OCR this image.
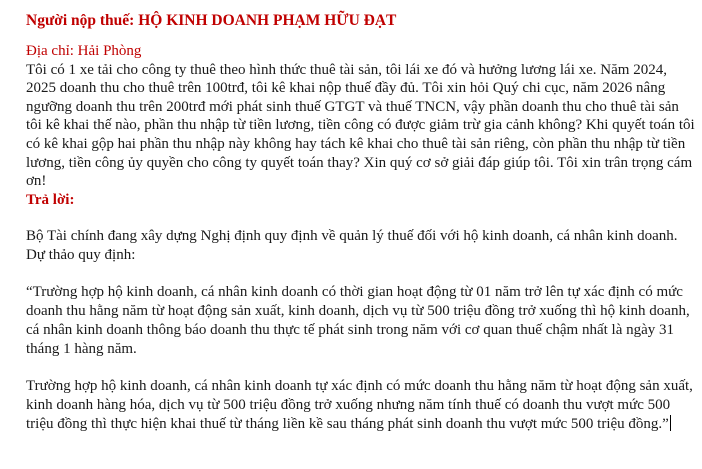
Người nộp thuế: HỘ KINH DOANH PHẠM HỮU ĐẠT

Địa chỉ: Hải Phòng

Tôi có 1 xe tải cho công ty thuê theo hình thức thuê tài sản, tôi lái xe đó và hưởng lương lái xe. Năm 2024, 2025 doanh thu cho thuê trên 100trđ, tôi kê khai nộp thuế đầy đủ. Tôi xin hỏi Quý chi cục, năm 2026 nâng ngưỡng doanh thu trên 200trđ mới phát sinh thuế GTGT và thuế TNCN, vậy phần doanh thu cho thuê tài sản tôi kê khai thế nào, phần thu nhập từ tiền lương, tiền công có được giảm trừ gia cảnh không? Khi quyết toán tôi có kê khai gộp hai phần thu nhập này không hay tách kê khai cho thuê tài sản riêng, còn phần thu nhập từ tiền lương, tiền công ủy quyền cho công ty quyết toán thay? Xin quý cơ sở giải đáp giúp tôi. Tôi xin trân trọng cám ơn!

Trả lời:

Bộ Tài chính đang xây dựng Nghị định quy định về quản lý thuế đối với hộ kinh doanh, cá nhân kinh doanh. Dự thảo quy định:

“Trường hợp hộ kinh doanh, cá nhân kinh doanh có thời gian hoạt động từ 01 năm trở lên tự xác định có mức doanh thu hằng năm từ hoạt động sản xuất, kinh doanh, dịch vụ từ 500 triệu đồng trở xuống thì hộ kinh doanh, cá nhân kinh doanh thông báo doanh thu thực tế phát sinh trong năm với cơ quan thuế chậm nhất là ngày 31 tháng 1 hàng năm.

Trường hợp hộ kinh doanh, cá nhân kinh doanh tự xác định có mức doanh thu hằng năm từ hoạt động sản xuất, kinh doanh hàng hóa, dịch vụ từ 500 triệu đồng trở xuống nhưng năm tính thuế có doanh thu vượt mức 500 triệu đồng thì thực hiện khai thuế từ tháng liền kề sau tháng phát sinh doanh thu vượt mức 500 triệu đồng.”
